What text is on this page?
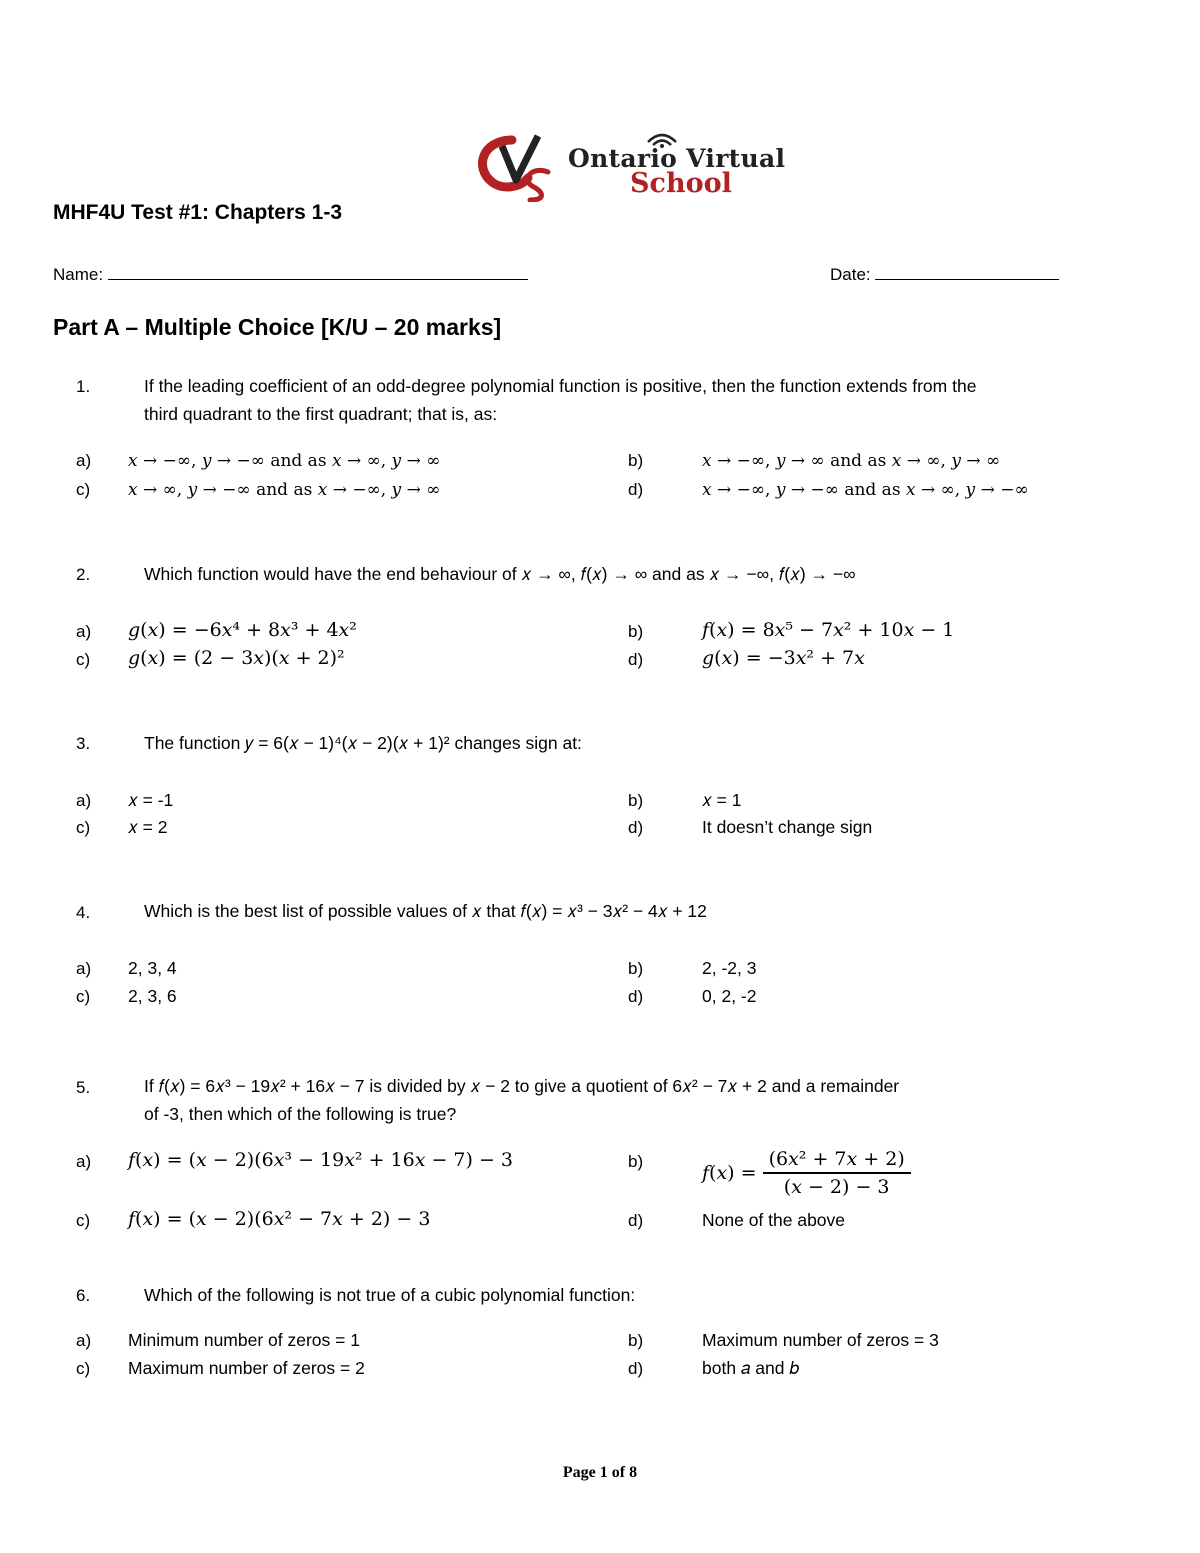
Ontario Virtual
School
MHF4U Test #1: Chapters 1-3
Name:	Date:
Part A – Multiple Choice [K/U – 20 marks]
1.	If the leading coefficient of an odd-degree polynomial function is positive, then the function extends from the
third quadrant to the first quadrant; that is, as:
a) 𝑥 → −∞, 𝑦 → −∞ and as 𝑥 → ∞, 𝑦 → ∞	b)	𝑥 → −∞, 𝑦 → ∞ and as 𝑥 → ∞, 𝑦 → ∞
c) 𝑥 → ∞, 𝑦 → −∞ and as 𝑥 → −∞, 𝑦 → ∞	d)	𝑥 → −∞, 𝑦 → −∞ and as 𝑥 → ∞, 𝑦 → −∞
2.	Which function would have the end behaviour of 𝑥 → ∞, 𝑓(𝑥) → ∞ and as 𝑥 → −∞, 𝑓(𝑥) → −∞
a) 𝑔(𝑥) = −6𝑥⁴ + 8𝑥³ + 4𝑥²	b)	𝑓(𝑥) = 8𝑥⁵ − 7𝑥² + 10𝑥 − 1
c) 𝑔(𝑥) = (2 − 3𝑥)(𝑥 + 2)²	d)	𝑔(𝑥) = −3𝑥² + 7𝑥
3.	The function 𝑦 = 6(𝑥 − 1)⁴(𝑥 − 2)(𝑥 + 1)² changes sign at:
a) 𝑥 = -1	b)	𝑥 = 1
c) 𝑥 = 2	d)	It doesn’t change sign
4.	Which is the best list of possible values of 𝑥 that 𝑓(𝑥) = 𝑥³ − 3𝑥² − 4𝑥 + 12
a) 2, 3, 4	b)	2, -2, 3
c) 2, 3, 6	d)	0, 2, -2
5.	If 𝑓(𝑥) = 6𝑥³ − 19𝑥² + 16𝑥 − 7 is divided by 𝑥 − 2 to give a quotient of 6𝑥² − 7𝑥 + 2 and a remainder
of -3, then which of the following is true?
a) 𝑓(𝑥) = (𝑥 − 2)(6𝑥³ − 19𝑥² + 16𝑥 − 7) − 3	b)
𝑓(𝑥) = $\frac{\text{(6𝑥² + 7𝑥 + 2)}}{\text{(𝑥 − 2) − 3}}$
c) 𝑓(𝑥) = (𝑥 − 2)(6𝑥² − 7𝑥 + 2) − 3	d)	None of the above
6.	Which of the following is not true of a cubic polynomial function:
a) Minimum number of zeros = 1	b)	Maximum number of zeros = 3
c) Maximum number of zeros = 2	d)	both 𝑎 and 𝑏
Page 1 of 8
